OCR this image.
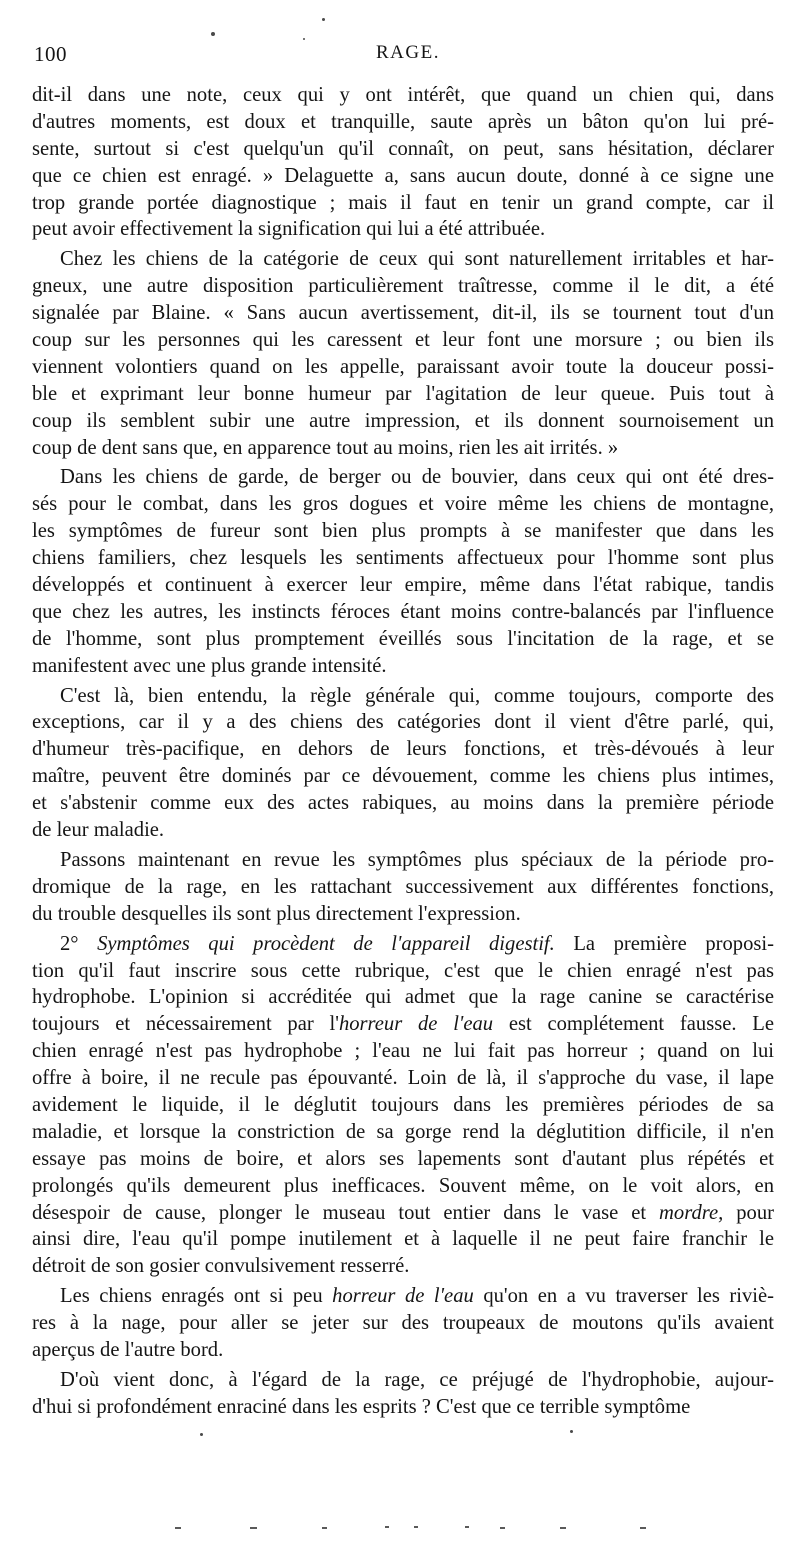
100	RAGE.
dit-il dans une note, ceux qui y ont intérêt, que quand un chien qui, dans
d'autres moments, est doux et tranquille, saute après un bâton qu'on lui pré-
sente, surtout si c'est quelqu'un qu'il connaît, on peut, sans hésitation, déclarer
que ce chien est enragé. » Delaguette a, sans aucun doute, donné à ce signe une
trop grande portée diagnostique ; mais il faut en tenir un grand compte, car il
peut avoir effectivement la signification qui lui a été attribuée.
Chez les chiens de la catégorie de ceux qui sont naturellement irritables et har-
gneux, une autre disposition particulièrement traîtresse, comme il le dit, a été
signalée par Blaine. « Sans aucun avertissement, dit-il, ils se tournent tout d'un
coup sur les personnes qui les caressent et leur font une morsure ; ou bien ils
viennent volontiers quand on les appelle, paraissant avoir toute la douceur possi-
ble et exprimant leur bonne humeur par l'agitation de leur queue. Puis tout à
coup ils semblent subir une autre impression, et ils donnent sournoisement un
coup de dent sans que, en apparence tout au moins, rien les ait irrités. »
Dans les chiens de garde, de berger ou de bouvier, dans ceux qui ont été dres-
sés pour le combat, dans les gros dogues et voire même les chiens de montagne,
les symptômes de fureur sont bien plus prompts à se manifester que dans les
chiens familiers, chez lesquels les sentiments affectueux pour l'homme sont plus
développés et continuent à exercer leur empire, même dans l'état rabique, tandis
que chez les autres, les instincts féroces étant moins contre-balancés par l'influence
de l'homme, sont plus promptement éveillés sous l'incitation de la rage, et se
manifestent avec une plus grande intensité.
C'est là, bien entendu, la règle générale qui, comme toujours, comporte des
exceptions, car il y a des chiens des catégories dont il vient d'être parlé, qui,
d'humeur très-pacifique, en dehors de leurs fonctions, et très-dévoués à leur
maître, peuvent être dominés par ce dévouement, comme les chiens plus intimes,
et s'abstenir comme eux des actes rabiques, au moins dans la première période
de leur maladie.
Passons maintenant en revue les symptômes plus spéciaux de la période pro-
dromique de la rage, en les rattachant successivement aux différentes fonctions,
du trouble desquelles ils sont plus directement l'expression.
2° Symptômes qui procèdent de l'appareil digestif. La première proposi-
tion qu'il faut inscrire sous cette rubrique, c'est que le chien enragé n'est pas
hydrophobe. L'opinion si accréditée qui admet que la rage canine se caractérise
toujours et nécessairement par l'horreur de l'eau est complétement fausse. Le
chien enragé n'est pas hydrophobe ; l'eau ne lui fait pas horreur ; quand on lui
offre à boire, il ne recule pas épouvanté. Loin de là, il s'approche du vase, il lape
avidement le liquide, il le déglutit toujours dans les premières périodes de sa
maladie, et lorsque la constriction de sa gorge rend la déglutition difficile, il n'en
essaye pas moins de boire, et alors ses lapements sont d'autant plus répétés et
prolongés qu'ils demeurent plus inefficaces. Souvent même, on le voit alors, en
désespoir de cause, plonger le museau tout entier dans le vase et mordre, pour
ainsi dire, l'eau qu'il pompe inutilement et à laquelle il ne peut faire franchir le
détroit de son gosier convulsivement resserré.
Les chiens enragés ont si peu horreur de l'eau qu'on en a vu traverser les riviè-
res à la nage, pour aller se jeter sur des troupeaux de moutons qu'ils avaient
aperçus de l'autre bord.
D'où vient donc, à l'égard de la rage, ce préjugé de l'hydrophobie, aujour-
d'hui si profondément enraciné dans les esprits ? C'est que ce terrible symptôme
